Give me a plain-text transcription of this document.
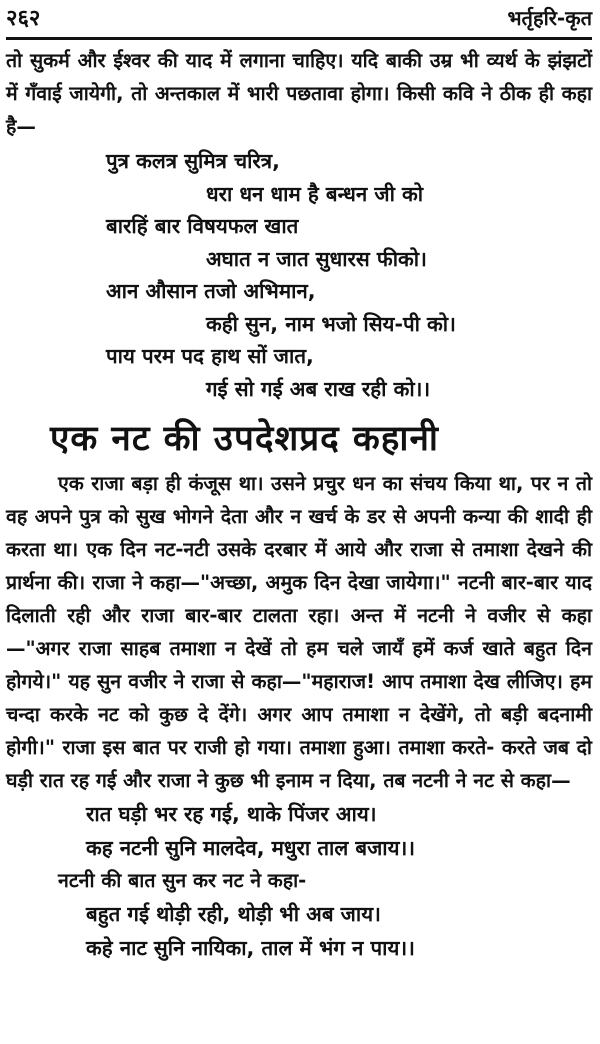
२६२	भर्तृहरि-कृत

तो सुकर्म और ईश्वर की याद में लगाना चाहिए। यदि बाकी उम्र भी व्यर्थ के झंझटों में गँवाई जायेगी, तो अन्तकाल में भारी पछतावा होगा। किसी कवि ने ठीक ही कहा है—

पुत्र कलत्र सुमित्र चरित्र,

धरा धन धाम है बन्धन जी को

बारहिं बार विषयफल खात

अघात न जात सुधारस फीको।

आन औसान तजो अभिमान,

कही सुन, नाम भजो सिय-पी को।

पाय परम पद हाथ सों जात,

गई सो गई अब राख रही को।।

एक नट की उपदेशप्रद कहानी

एक राजा बड़ा ही कंजूस था। उसने प्रचुर धन का संचय किया था, पर न तो वह अपने पुत्र को सुख भोगने देता और न खर्च के डर से अपनी कन्या की शादी ही करता था। एक दिन नट-नटी उसके दरबार में आये और राजा से तमाशा देखने की प्रार्थना की। राजा ने कहा—"अच्छा, अमुक दिन देखा जायेगा।" नटनी बार-बार याद दिलाती रही और राजा बार-बार टालता रहा। अन्त में नटनी ने वजीर से कहा—"अगर राजा साहब तमाशा न देखें तो हम चले जायँ हमें कर्ज खाते बहुत दिन होगये।" यह सुन वजीर ने राजा से कहा—"महाराज! आप तमाशा देख लीजिए। हम चन्दा करके नट को कुछ दे देंगे। अगर आप तमाशा न देखेंगे, तो बड़ी बदनामी होगी।" राजा इस बात पर राजी हो गया। तमाशा हुआ। तमाशा करते- करते जब दो घड़ी रात रह गई और राजा ने कुछ भी इनाम न दिया, तब नटनी ने नट से कहा—

रात घड़ी भर रह गई, थाके पिंजर आय।

कह नटनी सुनि मालदेव, मधुरा ताल बजाय।।

नटनी की बात सुन कर नट ने कहा-

बहुत गई थोड़ी रही, थोड़ी भी अब जाय।

कहे नाट सुनि नायिका, ताल में भंग न पाय।।
